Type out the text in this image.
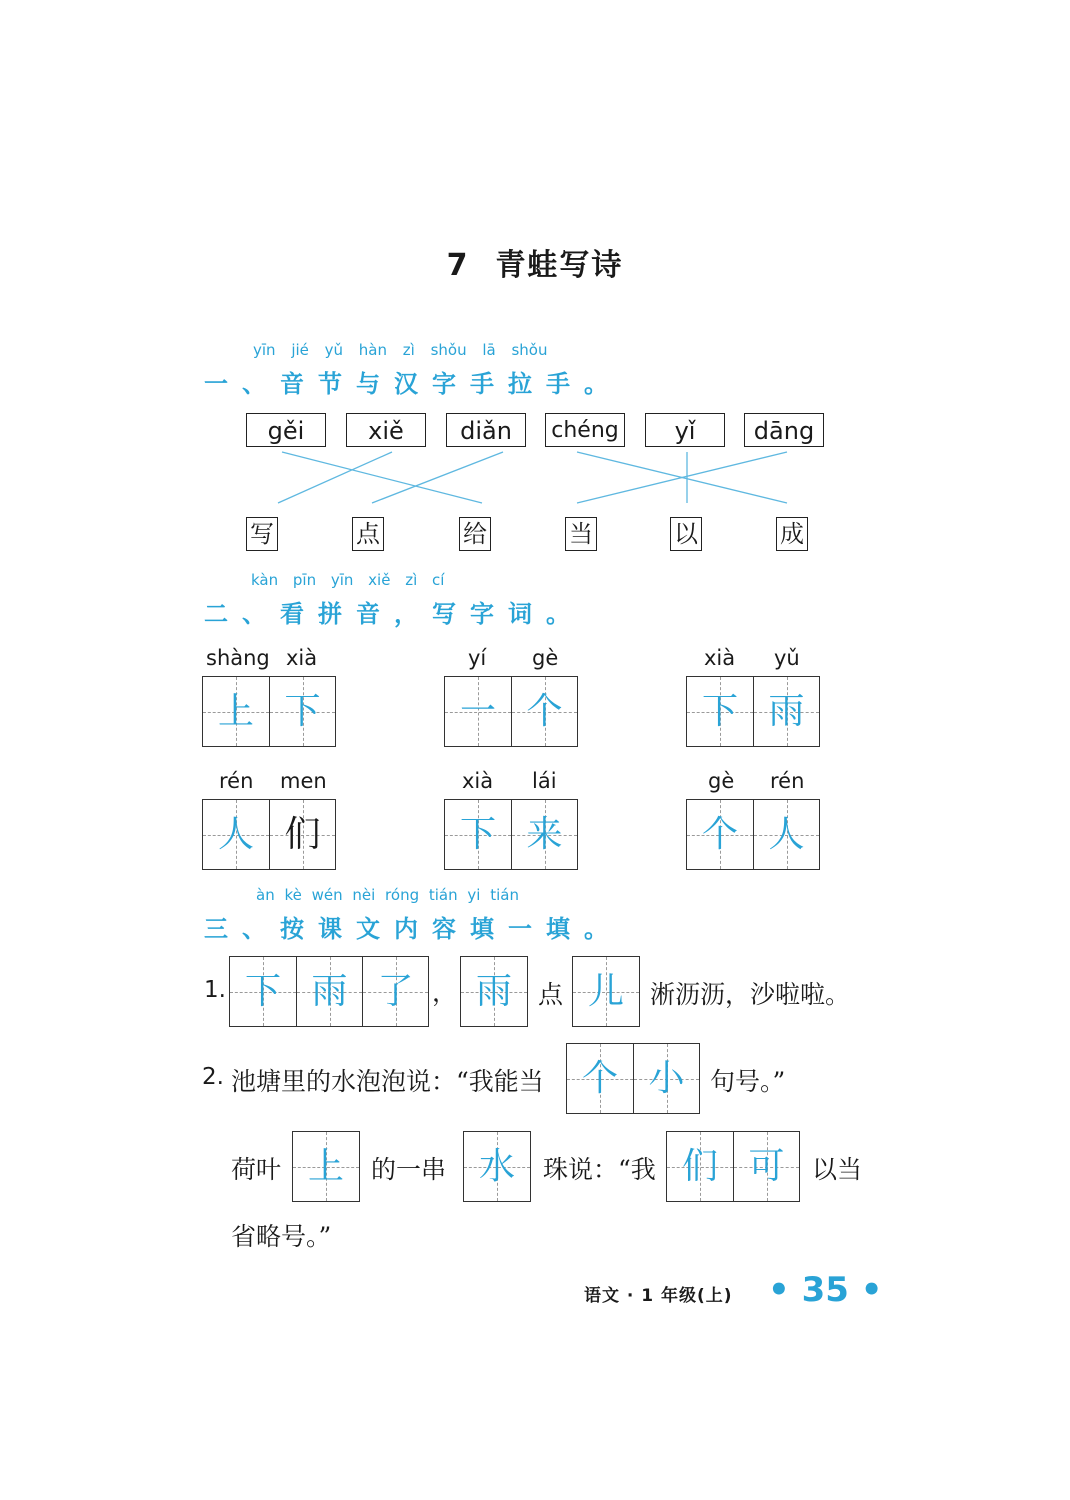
7 青蛙写诗
yīn jié yǔ hàn zì shǒu lā shǒu
一、音节与汉字手拉手。
gěi	xiě	diǎn	chéng	yǐ	dāng
写	点	给	当	以	成
kàn pīn yīn xiě zì cí
二、看拼音，写字词。
shàng xià
上 下
yí gè
一 个
xià yǔ
下 雨
rén men
人 们
xià lái
下 来
gè rén
个 人
àn kè wén nèi róng tián yi tián
三、按课文内容填一填。
1. 下 雨 了 ， 雨	点 儿	淅沥沥，沙啦啦。
2. 池塘里的水泡泡说：“我能当	个 小	句号。”
荷叶 上	的一串 水	珠说：“我 们 可	以当
省略号。”
语文 · 1 年级(上) • 35 •
